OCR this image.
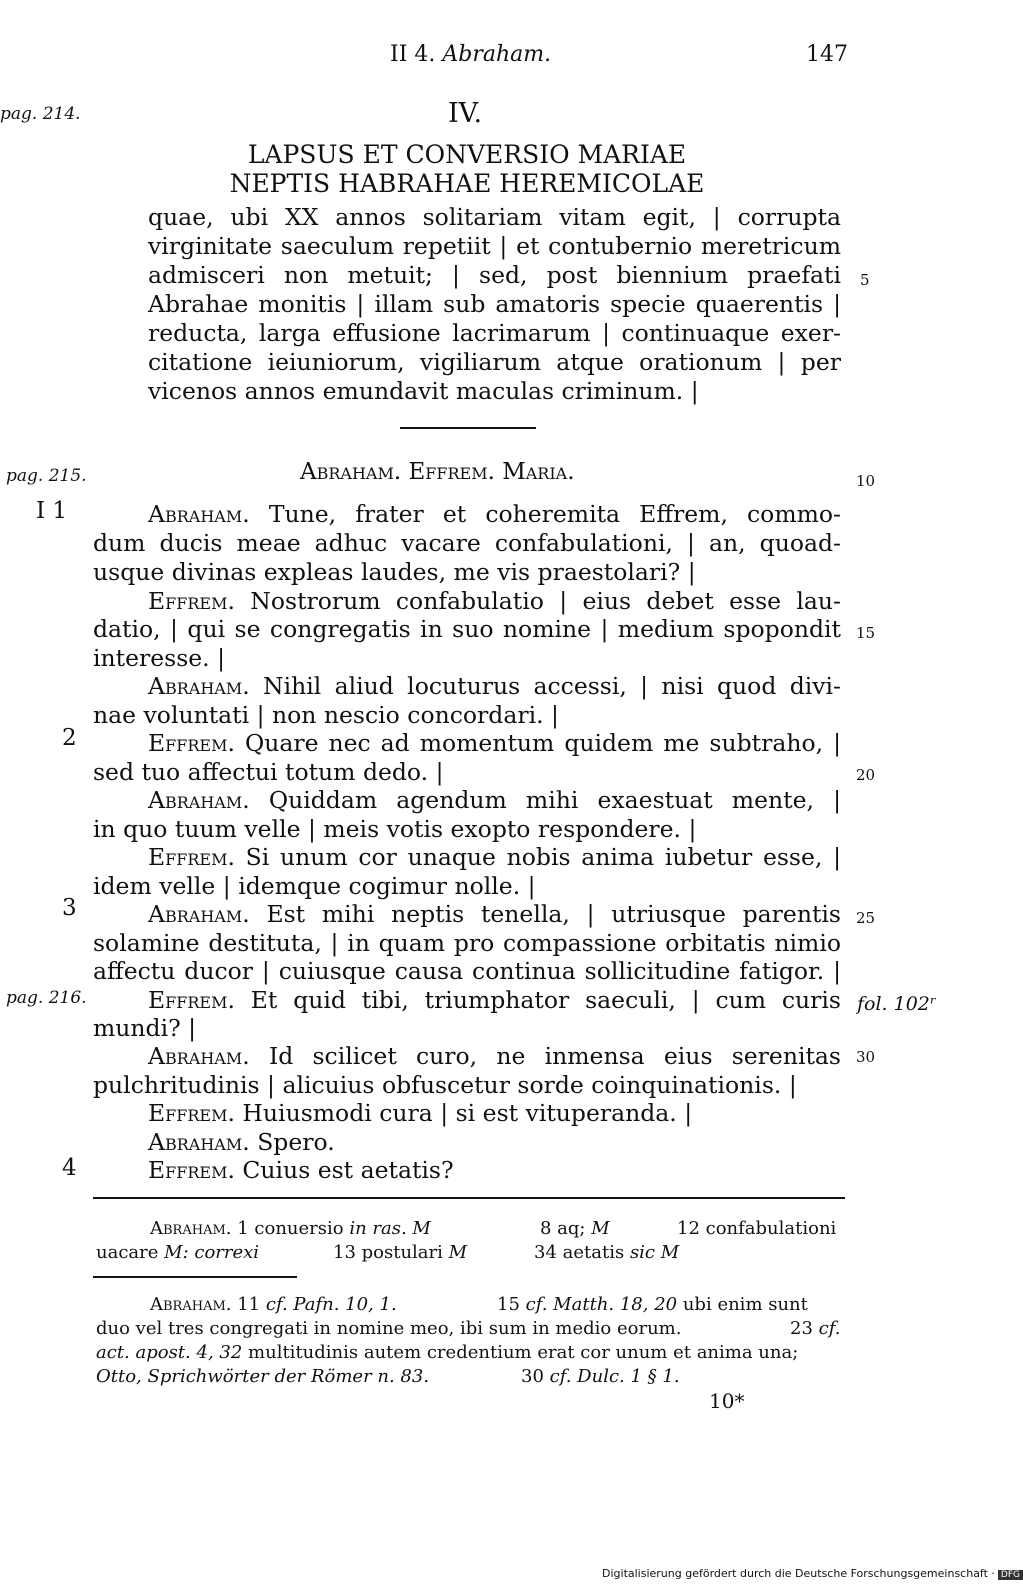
II 4. Abraham.	147
pag. 214.
pag. 215.
pag. 216.	fol. 102ʳ
5
10
15
20
25
30
I 1
2
3
4
IV.
LAPSUS ET CONVERSIO MARIAE
NEPTIS HABRAHAE HEREMICOLAE
quae, ubi XX annos solitariam vitam egit, | corrupta
virginitate saeculum repetiit | et contubernio meretricum
admisceri non metuit; | sed, post biennium praefati
Abrahae monitis | illam sub amatoris specie quaerentis |
reducta, larga effusione lacrimarum | continuaque exer-
citatione ieiuniorum, vigiliarum atque orationum | per
vicenos annos emundavit maculas criminum. |
Abraham. Effrem. Maria.
Abraham. Tune, frater et coheremita Effrem, commo-
dum ducis meae adhuc vacare confabulationi, | an, quoad-
usque divinas expleas laudes, me vis praestolari? |
Effrem. Nostrorum confabulatio | eius debet esse lau-
datio, | qui se congregatis in suo nomine | medium spopondit
interesse. |
Abraham. Nihil aliud locuturus accessi, | nisi quod divi-
nae voluntati | non nescio concordari. |
Effrem. Quare nec ad momentum quidem me subtraho, |
sed tuo affectui totum dedo. |
Abraham. Quiddam agendum mihi exaestuat mente, |
in quo tuum velle | meis votis exopto respondere. |
Effrem. Si unum cor unaque nobis anima iubetur esse, |
idem velle | idemque cogimur nolle. |
Abraham. Est mihi neptis tenella, | utriusque parentis
solamine destituta, | in quam pro compassione orbitatis nimio
affectu ducor | cuiusque causa continua sollicitudine fatigor. |
Effrem. Et quid tibi, triumphator saeculi, | cum curis
mundi? |
Abraham. Id scilicet curo, ne inmensa eius serenitas
pulchritudinis | alicuius obfuscetur sorde coinquinationis. |
Effrem. Huiusmodi cura | si est vituperanda. |
Abraham. Spero.
Effrem. Cuius est aetatis?
Abraham. 1 conuersio in ras. M	8 aq; M	12 confabulationi
uacare M: correxi	13 postulari M	34 aetatis sic M
Abraham. 11 cf. Pafn. 10, 1.	15 cf. Matth. 18, 20 ubi enim sunt
duo vel tres congregati in nomine meo, ibi sum in medio eorum.	23 cf.
act. apost. 4, 32 multitudinis autem credentium erat cor unum et anima una;
Otto, Sprichwörter der Römer n. 83.	30 cf. Dulc. 1 § 1.
10*
Digitalisierung gefördert durch die Deutsche Forschungsgemeinschaft · DFG
